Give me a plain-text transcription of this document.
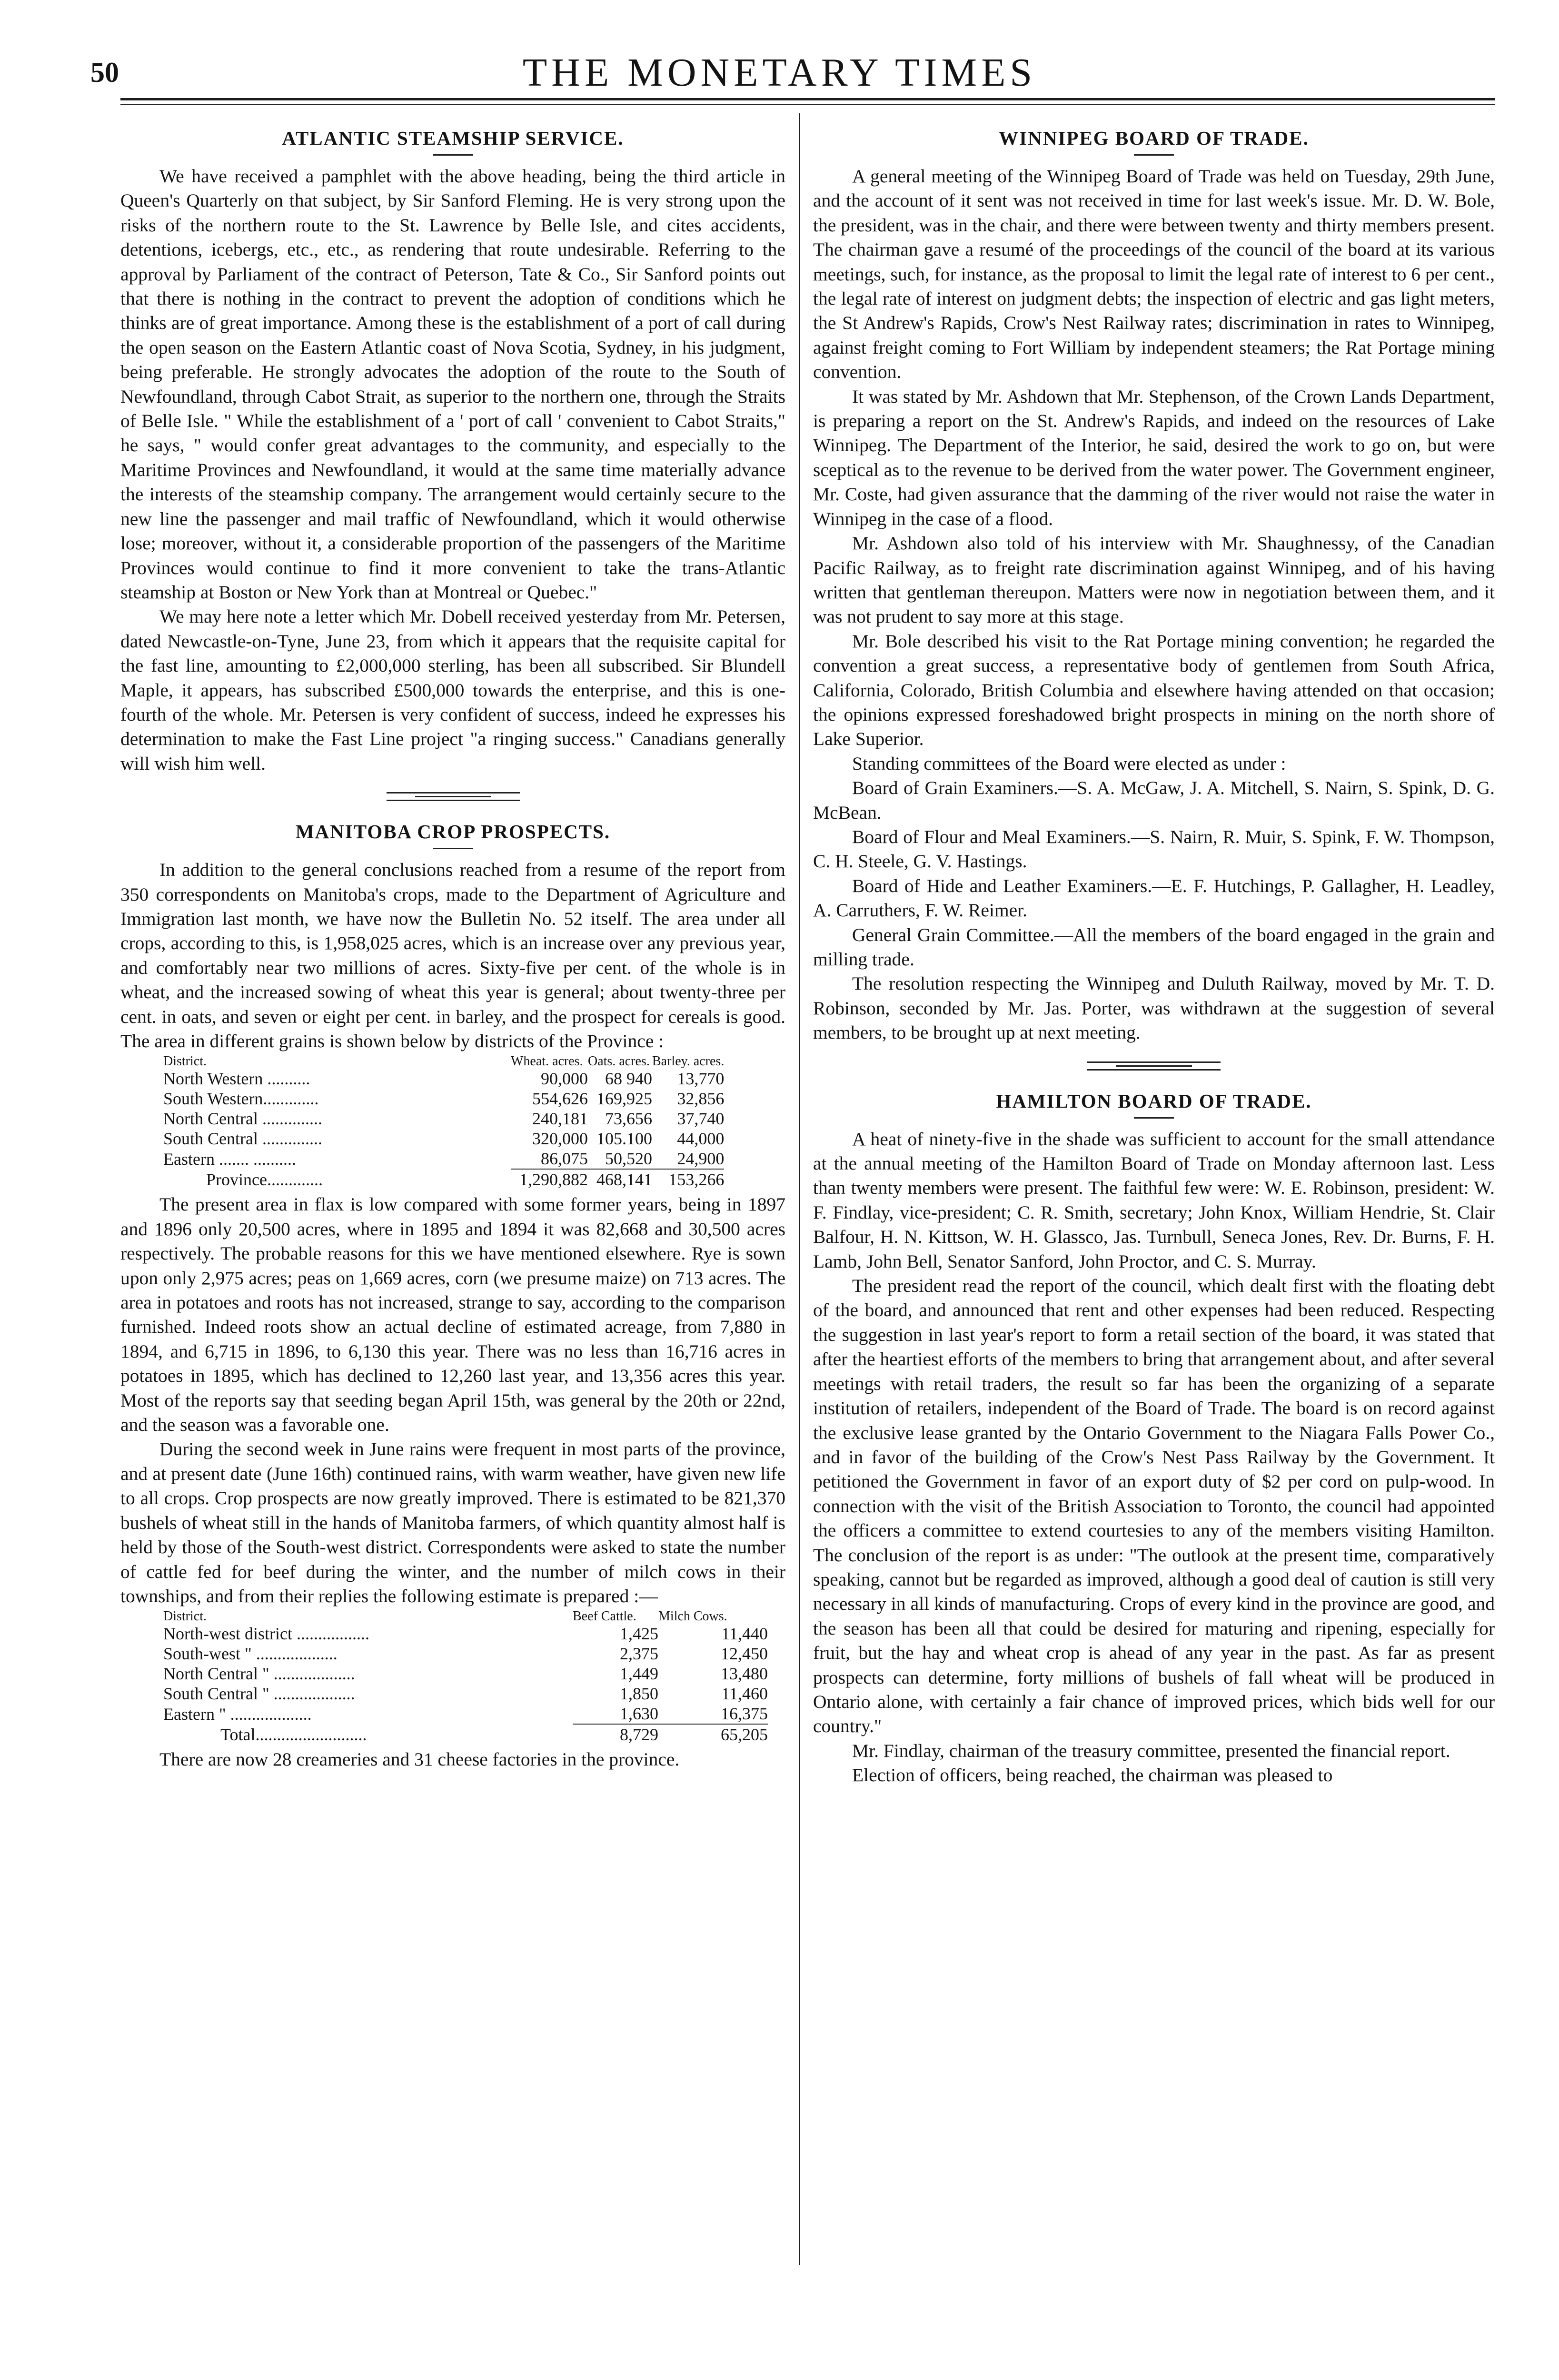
50	THE MONETARY TIMES
ATLANTIC STEAMSHIP SERVICE.

We have received a pamphlet with the above heading, being the third article in Queen's Quarterly on that subject, by Sir Sanford Fleming. He is very strong upon the risks of the northern route to the St. Lawrence by Belle Isle, and cites accidents, detentions, icebergs, etc., etc., as rendering that route undesirable. Referring to the approval by Parliament of the contract of Peterson, Tate & Co., Sir Sanford points out that there is nothing in the contract to prevent the adoption of conditions which he thinks are of great importance. Among these is the establishment of a port of call during the open season on the Eastern Atlantic coast of Nova Scotia, Sydney, in his judgment, being preferable. He strongly advocates the adoption of the route to the South of Newfoundland, through Cabot Strait, as superior to the northern one, through the Straits of Belle Isle. " While the establishment of a ' port of call ' convenient to Cabot Straits," he says, " would confer great advantages to the community, and especially to the Maritime Provinces and Newfoundland, it would at the same time materially advance the interests of the steamship company. The arrangement would certainly secure to the new line the passenger and mail traffic of Newfoundland, which it would otherwise lose; moreover, without it, a considerable proportion of the passengers of the Maritime Provinces would continue to find it more convenient to take the trans-Atlantic steamship at Boston or New York than at Montreal or Quebec."

We may here note a letter which Mr. Dobell received yesterday from Mr. Petersen, dated Newcastle-on-Tyne, June 23, from which it appears that the requisite capital for the fast line, amounting to £2,000,000 sterling, has been all subscribed. Sir Blundell Maple, it appears, has subscribed £500,000 towards the enterprise, and this is one-fourth of the whole. Mr. Petersen is very confident of success, indeed he expresses his determination to make the Fast Line project "a ringing success." Canadians generally will wish him well.

MANITOBA CROP PROSPECTS.

In addition to the general conclusions reached from a resume of the report from 350 correspondents on Manitoba's crops, made to the Department of Agriculture and Immigration last month, we have now the Bulletin No. 52 itself. The area under all crops, according to this, is 1,958,025 acres, which is an increase over any previous year, and comfortably near two millions of acres. Sixty-five per cent. of the whole is in wheat, and the increased sowing of wheat this year is general; about twenty-three per cent. in oats, and seven or eight per cent. in barley, and the prospect for cereals is good. The area in different grains is shown below by districts of the Province :

District.	Wheat. acres.	Oats. acres.	Barley. acres.
North Western ..........	90,000	68 940	13,770
South Western.............	554,626	169,925	32,856
North Central ..............	240,181	73,656	37,740
South Central ..............	320,000	105.100	44,000
Eastern ....... ..........	86,075	50,520	24,900
Province.............	1,290,882	468,141	153,266

The present area in flax is low compared with some former years, being in 1897 and 1896 only 20,500 acres, where in 1895 and 1894 it was 82,668 and 30,500 acres respectively. The probable reasons for this we have mentioned elsewhere. Rye is sown upon only 2,975 acres; peas on 1,669 acres, corn (we presume maize) on 713 acres. The area in potatoes and roots has not increased, strange to say, according to the comparison furnished. Indeed roots show an actual decline of estimated acreage, from 7,880 in 1894, and 6,715 in 1896, to 6,130 this year. There was no less than 16,716 acres in potatoes in 1895, which has declined to 12,260 last year, and 13,356 acres this year. Most of the reports say that seeding began April 15th, was general by the 20th or 22nd, and the season was a favorable one.

During the second week in June rains were frequent in most parts of the province, and at present date (June 16th) continued rains, with warm weather, have given new life to all crops. Crop prospects are now greatly improved. There is estimated to be 821,370 bushels of wheat still in the hands of Manitoba farmers, of which quantity almost half is held by those of the South-west district. Correspondents were asked to state the number of cattle fed for beef during the winter, and the number of milch cows in their townships, and from their replies the following estimate is prepared :—

District.	Beef Cattle.	Milch Cows.
North-west district .................	1,425	11,440
South-west " ...................	2,375	12,450
North Central " ...................	1,449	13,480
South Central " ...................	1,850	11,460
Eastern " ...................	1,630	16,375
Total..........................	8,729	65,205

There are now 28 creameries and 31 cheese factories in the province.

WINNIPEG BOARD OF TRADE.

A general meeting of the Winnipeg Board of Trade was held on Tuesday, 29th June, and the account of it sent was not received in time for last week's issue. Mr. D. W. Bole, the president, was in the chair, and there were between twenty and thirty members present. The chairman gave a resumé of the proceedings of the council of the board at its various meetings, such, for instance, as the proposal to limit the legal rate of interest to 6 per cent., the legal rate of interest on judgment debts; the inspection of electric and gas light meters, the St Andrew's Rapids, Crow's Nest Railway rates; discrimination in rates to Winnipeg, against freight coming to Fort William by independent steamers; the Rat Portage mining convention.

It was stated by Mr. Ashdown that Mr. Stephenson, of the Crown Lands Department, is preparing a report on the St. Andrew's Rapids, and indeed on the resources of Lake Winnipeg. The Department of the Interior, he said, desired the work to go on, but were sceptical as to the revenue to be derived from the water power. The Government engineer, Mr. Coste, had given assurance that the damming of the river would not raise the water in Winnipeg in the case of a flood.

Mr. Ashdown also told of his interview with Mr. Shaughnessy, of the Canadian Pacific Railway, as to freight rate discrimination against Winnipeg, and of his having written that gentleman thereupon. Matters were now in negotiation between them, and it was not prudent to say more at this stage.

Mr. Bole described his visit to the Rat Portage mining convention; he regarded the convention a great success, a representative body of gentlemen from South Africa, California, Colorado, British Columbia and elsewhere having attended on that occasion; the opinions expressed foreshadowed bright prospects in mining on the north shore of Lake Superior.

Standing committees of the Board were elected as under :

Board of Grain Examiners.—S. A. McGaw, J. A. Mitchell, S. Nairn, S. Spink, D. G. McBean.

Board of Flour and Meal Examiners.—S. Nairn, R. Muir, S. Spink, F. W. Thompson, C. H. Steele, G. V. Hastings.

Board of Hide and Leather Examiners.—E. F. Hutchings, P. Gallagher, H. Leadley, A. Carruthers, F. W. Reimer.

General Grain Committee.—All the members of the board engaged in the grain and milling trade.

The resolution respecting the Winnipeg and Duluth Railway, moved by Mr. T. D. Robinson, seconded by Mr. Jas. Porter, was withdrawn at the suggestion of several members, to be brought up at next meeting.

HAMILTON BOARD OF TRADE.

A heat of ninety-five in the shade was sufficient to account for the small attendance at the annual meeting of the Hamilton Board of Trade on Monday afternoon last. Less than twenty members were present. The faithful few were: W. E. Robinson, president: W. F. Findlay, vice-president; C. R. Smith, secretary; John Knox, William Hendrie, St. Clair Balfour, H. N. Kittson, W. H. Glassco, Jas. Turnbull, Seneca Jones, Rev. Dr. Burns, F. H. Lamb, John Bell, Senator Sanford, John Proctor, and C. S. Murray.

The president read the report of the council, which dealt first with the floating debt of the board, and announced that rent and other expenses had been reduced. Respecting the suggestion in last year's report to form a retail section of the board, it was stated that after the heartiest efforts of the members to bring that arrangement about, and after several meetings with retail traders, the result so far has been the organizing of a separate institution of retailers, independent of the Board of Trade. The board is on record against the exclusive lease granted by the Ontario Government to the Niagara Falls Power Co., and in favor of the building of the Crow's Nest Pass Railway by the Government. It petitioned the Government in favor of an export duty of $2 per cord on pulp-wood. In connection with the visit of the British Association to Toronto, the council had appointed the officers a committee to extend courtesies to any of the members visiting Hamilton. The conclusion of the report is as under: "The outlook at the present time, comparatively speaking, cannot but be regarded as improved, although a good deal of caution is still very necessary in all kinds of manufacturing. Crops of every kind in the province are good, and the season has been all that could be desired for maturing and ripening, especially for fruit, but the hay and wheat crop is ahead of any year in the past. As far as present prospects can determine, forty millions of bushels of fall wheat will be produced in Ontario alone, with certainly a fair chance of improved prices, which bids well for our country."

Mr. Findlay, chairman of the treasury committee, presented the financial report.

Election of officers, being reached, the chairman was pleased to
